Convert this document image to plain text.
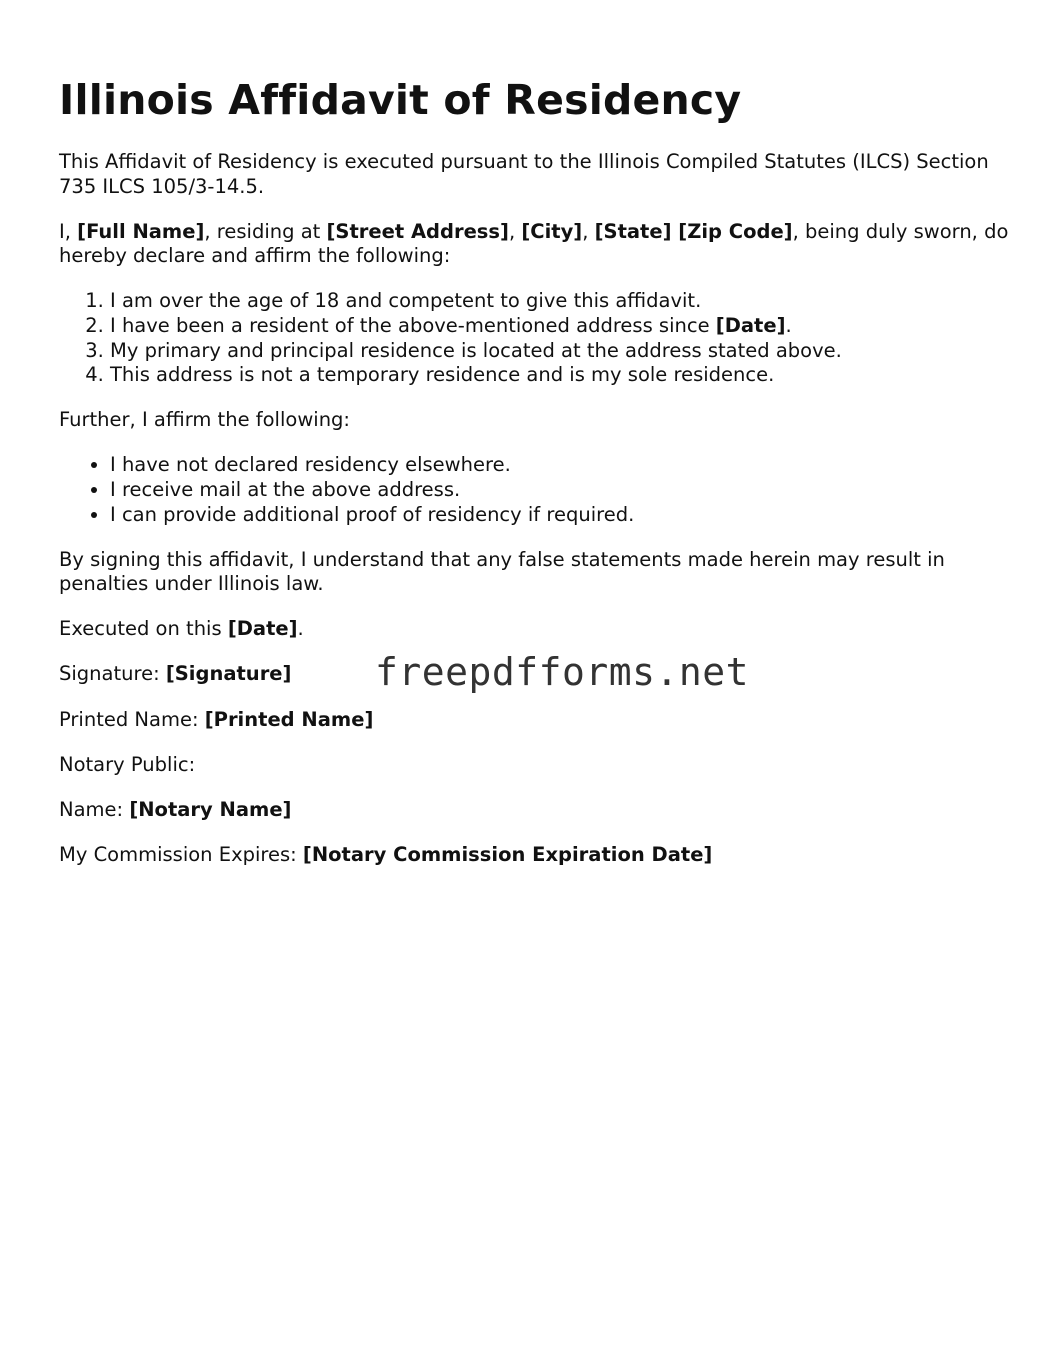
Illinois Affidavit of Residency

This Affidavit of Residency is executed pursuant to the Illinois Compiled Statutes (ILCS) Section 735 ILCS 105/3-14.5.

I, [Full Name], residing at [Street Address], [City], [State] [Zip Code], being duly sworn, do hereby declare and affirm the following:

1. I am over the age of 18 and competent to give this affidavit.
2. I have been a resident of the above-mentioned address since [Date].
3. My primary and principal residence is located at the address stated above.
4. This address is not a temporary residence and is my sole residence.

Further, I affirm the following:

• I have not declared residency elsewhere.
• I receive mail at the above address.
• I can provide additional proof of residency if required.

By signing this affidavit, I understand that any false statements made herein may result in penalties under Illinois law.

Executed on this [Date].

Signature: [Signature] freepdfforms.net

Printed Name: [Printed Name]

Notary Public:

Name: [Notary Name]

My Commission Expires: [Notary Commission Expiration Date]
